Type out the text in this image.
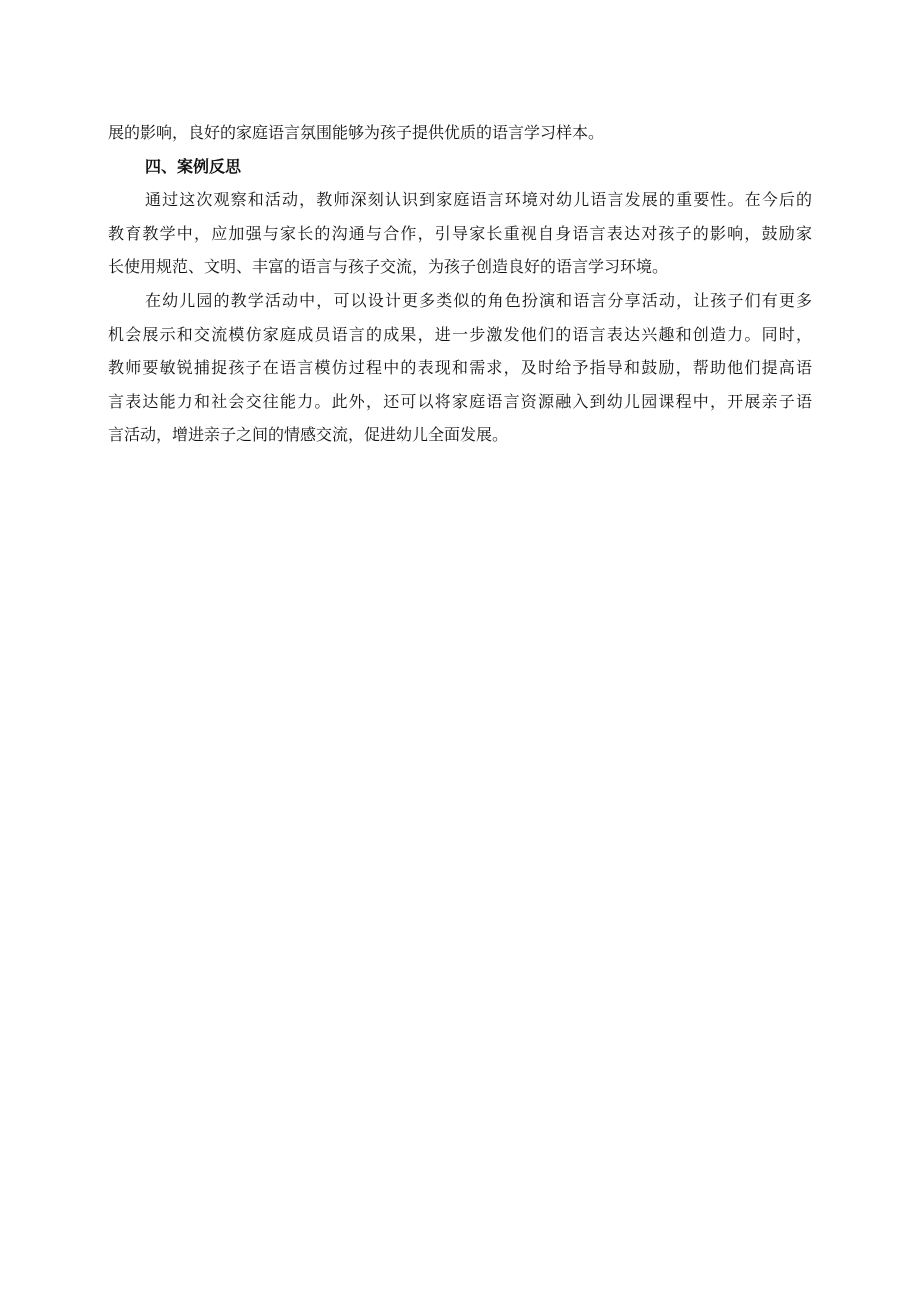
展的影响，良好的家庭语言氛围能够为孩子提供优质的语言学习样本。
四、案例反思
通过这次观察和活动，教师深刻认识到家庭语言环境对幼儿语言发展的重要性。在今后的
教育教学中，应加强与家长的沟通与合作，引导家长重视自身语言表达对孩子的影响，鼓励家
长使用规范、文明、丰富的语言与孩子交流，为孩子创造良好的语言学习环境。
在幼儿园的教学活动中，可以设计更多类似的角色扮演和语言分享活动，让孩子们有更多
机会展示和交流模仿家庭成员语言的成果，进一步激发他们的语言表达兴趣和创造力。同时，
教师要敏锐捕捉孩子在语言模仿过程中的表现和需求，及时给予指导和鼓励，帮助他们提高语
言表达能力和社会交往能力。此外，还可以将家庭语言资源融入到幼儿园课程中，开展亲子语
言活动，增进亲子之间的情感交流，促进幼儿全面发展。
